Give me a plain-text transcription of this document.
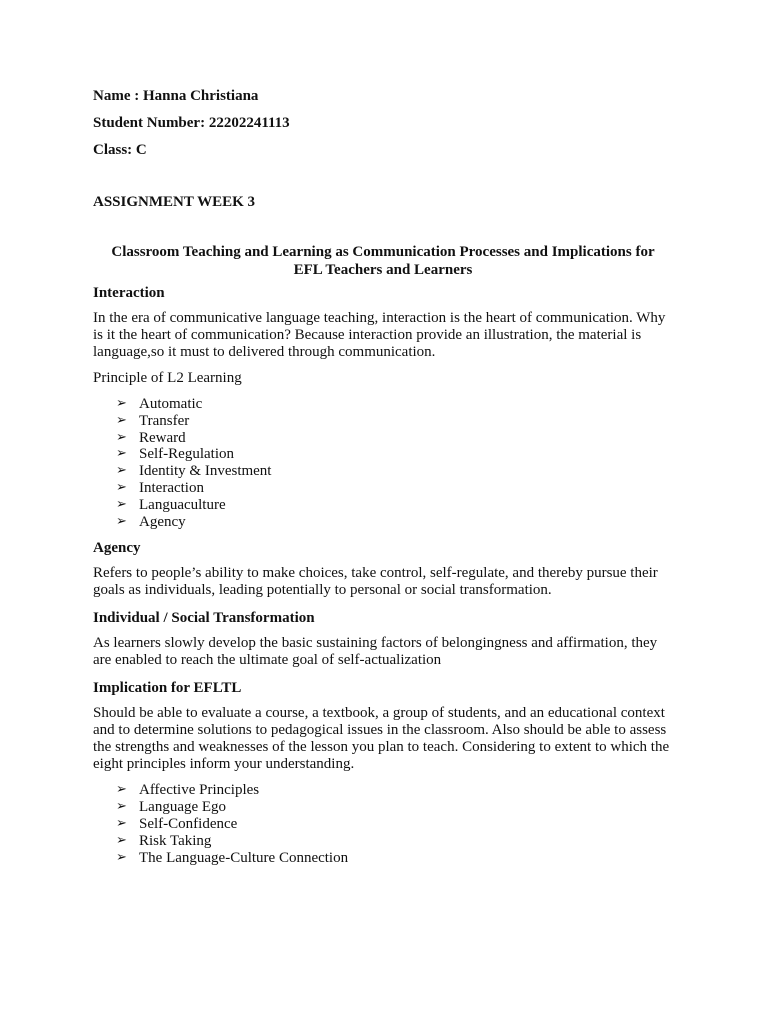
Name : Hanna Christiana

Student Number: 22202241113

Class: C

ASSIGNMENT WEEK 3

Classroom Teaching and Learning as Communication Processes and Implications for

EFL Teachers and Learners

Interaction

In the era of communicative language teaching, interaction is the heart of communication. Why is it the heart of communication? Because interaction provide an illustration, the material is language,so it must to delivered through communication.

Principle of L2 Learning

➢ Automatic
➢ Transfer
➢ Reward
➢ Self-Regulation
➢ Identity & Investment
➢ Interaction
➢ Languaculture
➢ Agency

Agency

Refers to people’s ability to make choices, take control, self-regulate, and thereby pursue their goals as individuals, leading potentially to personal or social transformation.

Individual / Social Transformation

As learners slowly develop the basic sustaining factors of belongingness and affirmation, they are enabled to reach the ultimate goal of self-actualization

Implication for EFLTL

Should be able to evaluate a course, a textbook, a group of students, and an educational context and to determine solutions to pedagogical issues in the classroom. Also should be able to assess the strengths and weaknesses of the lesson you plan to teach. Considering to extent to which the eight principles inform your understanding.

➢ Affective Principles
➢ Language Ego
➢ Self-Confidence
➢ Risk Taking
➢ The Language-Culture Connection
